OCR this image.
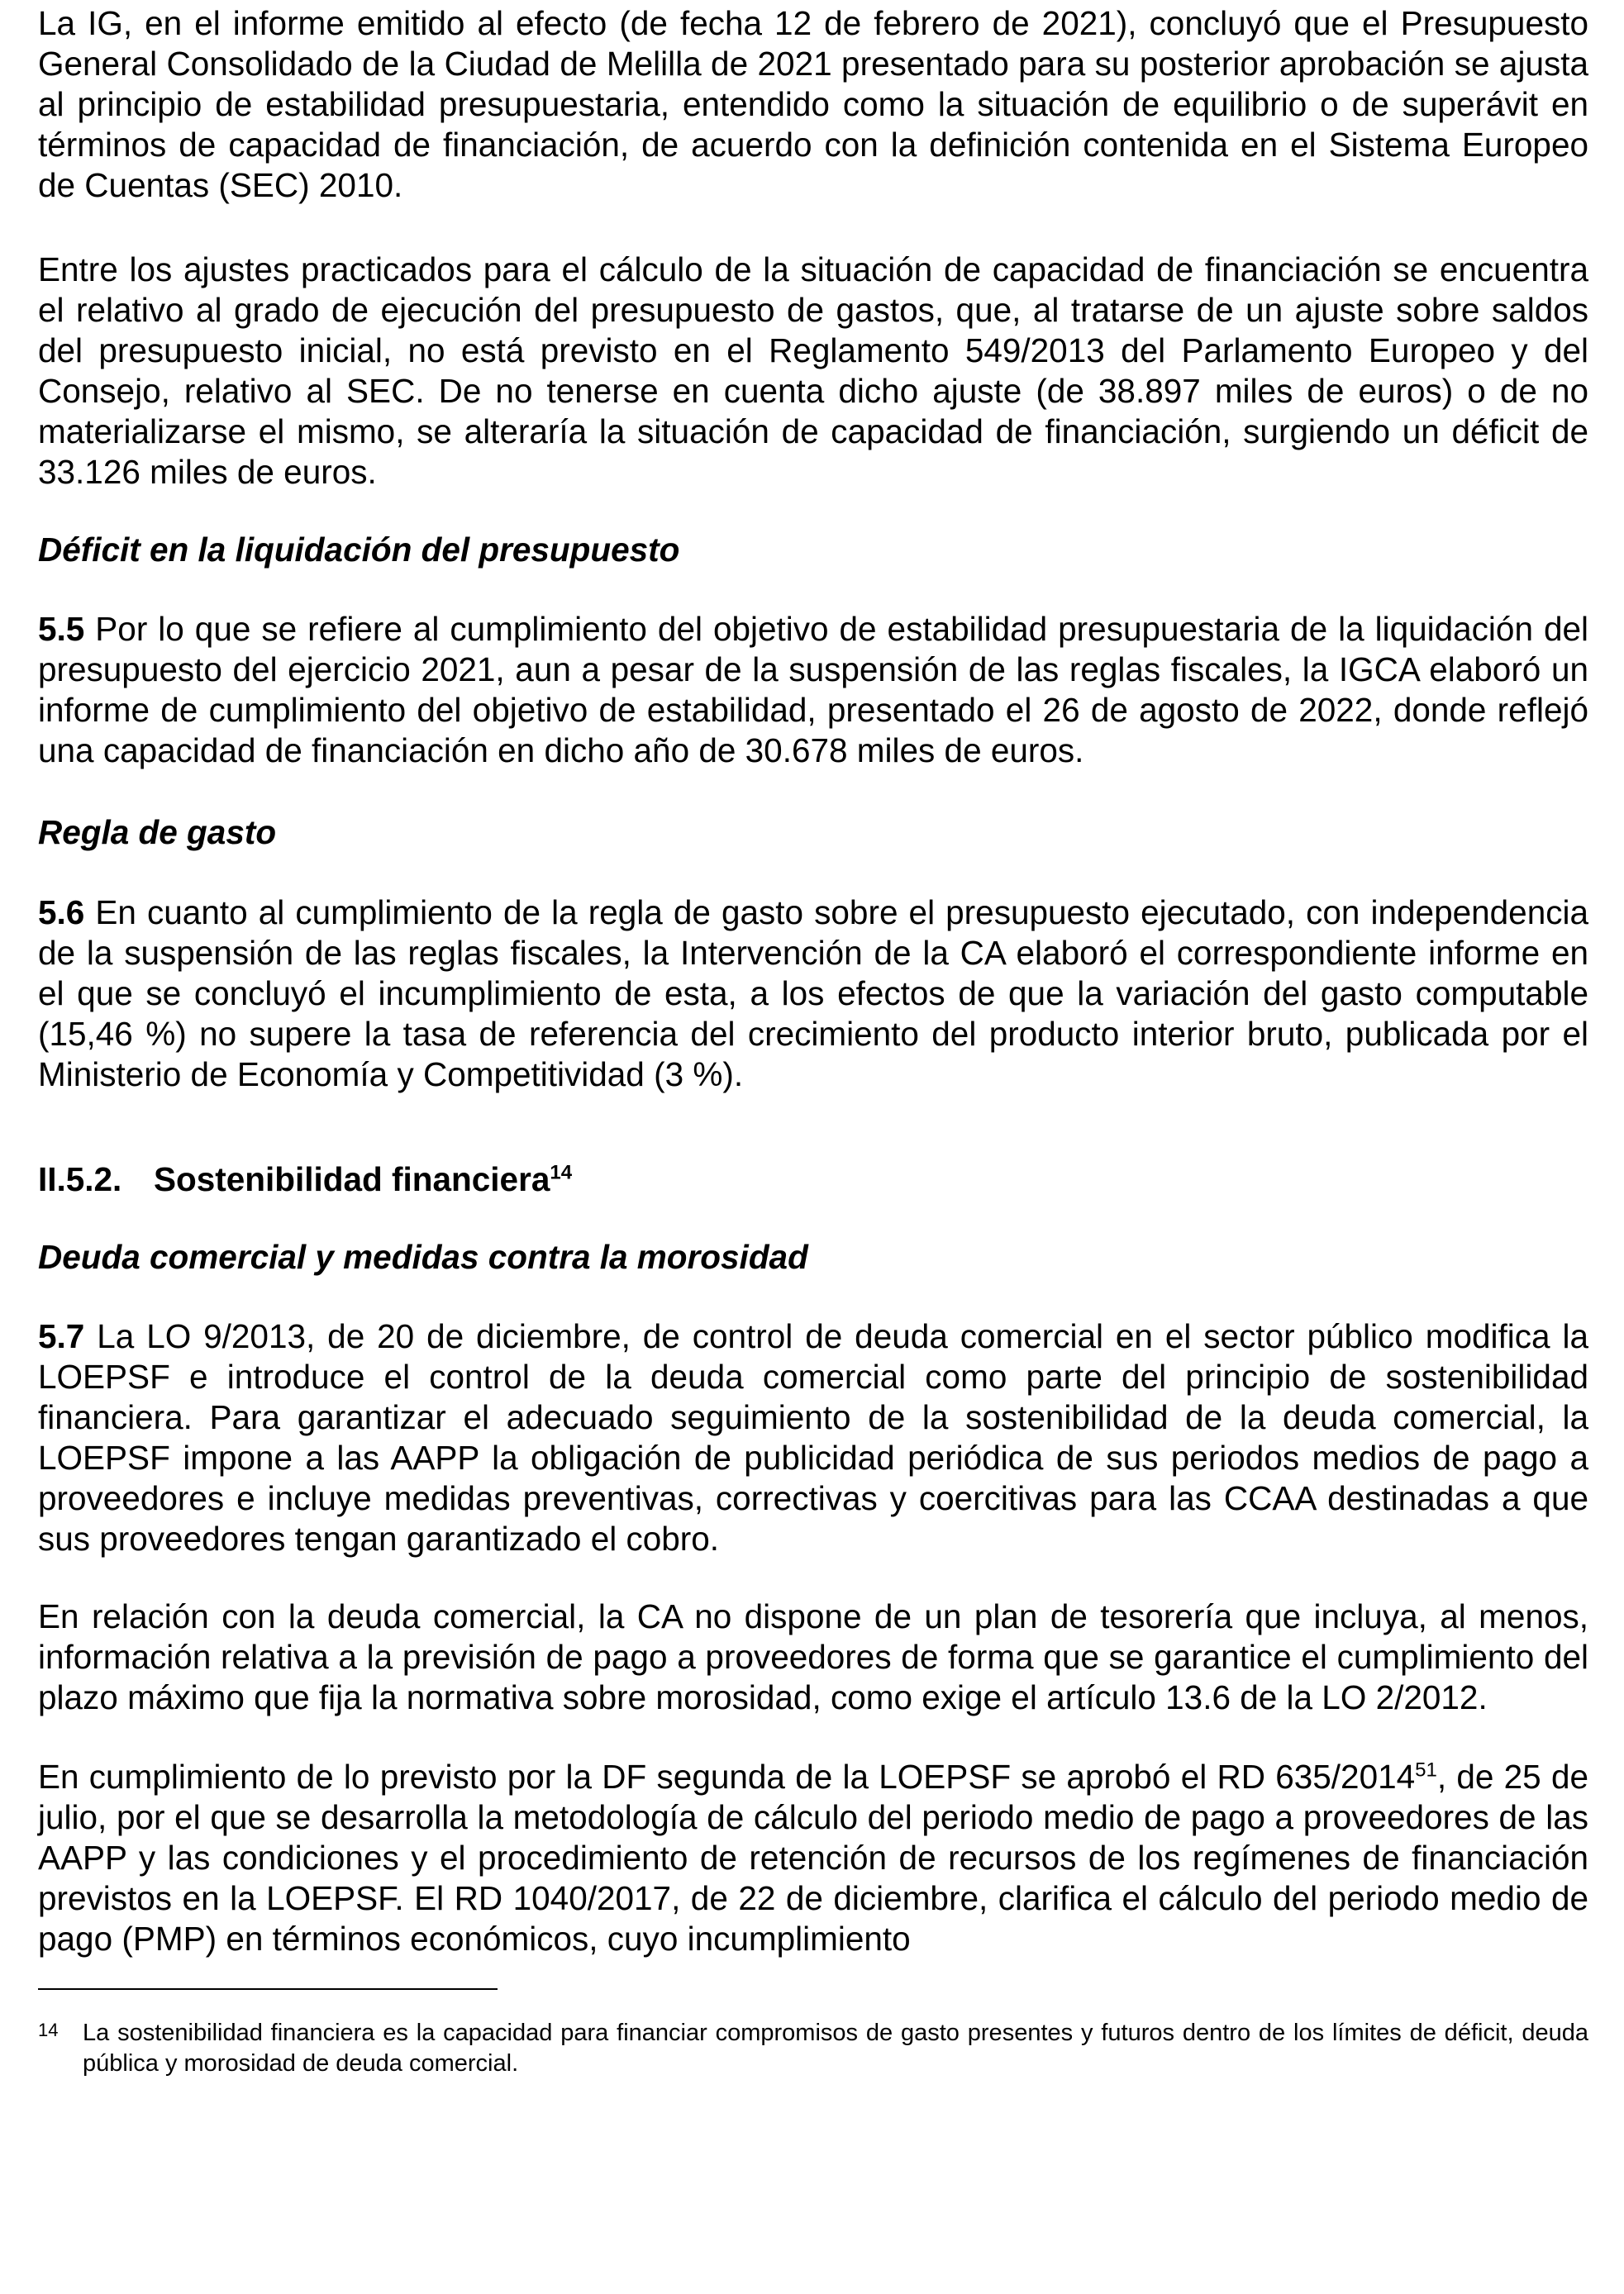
La IG, en el informe emitido al efecto (de fecha 12 de febrero de 2021), concluyó que el Presupuesto General Consolidado de la Ciudad de Melilla de 2021 presentado para su posterior aprobación se ajusta al principio de estabilidad presupuestaria, entendido como la situación de equilibrio o de superávit en términos de capacidad de financiación, de acuerdo con la definición contenida en el Sistema Europeo de Cuentas (SEC) 2010.

Entre los ajustes practicados para el cálculo de la situación de capacidad de financiación se encuentra el relativo al grado de ejecución del presupuesto de gastos, que, al tratarse de un ajuste sobre saldos del presupuesto inicial, no está previsto en el Reglamento 549/2013 del Parlamento Europeo y del Consejo, relativo al SEC. De no tenerse en cuenta dicho ajuste (de 38.897 miles de euros) o de no materializarse el mismo, se alteraría la situación de capacidad de financiación, surgiendo un déficit de 33.126 miles de euros.

Déficit en la liquidación del presupuesto

5.5 Por lo que se refiere al cumplimiento del objetivo de estabilidad presupuestaria de la liquidación del presupuesto del ejercicio 2021, aun a pesar de la suspensión de las reglas fiscales, la IGCA elaboró un informe de cumplimiento del objetivo de estabilidad, presentado el 26 de agosto de 2022, donde reflejó una capacidad de financiación en dicho año de 30.678 miles de euros.

Regla de gasto

5.6 En cuanto al cumplimiento de la regla de gasto sobre el presupuesto ejecutado, con independencia de la suspensión de las reglas fiscales, la Intervención de la CA elaboró el correspondiente informe en el que se concluyó el incumplimiento de esta, a los efectos de que la variación del gasto computable (15,46 %) no supere la tasa de referencia del crecimiento del producto interior bruto, publicada por el Ministerio de Economía y Competitividad (3 %).

II.5.2. Sostenibilidad financiera$^{14}$

Deuda comercial y medidas contra la morosidad

5.7 La LO 9/2013, de 20 de diciembre, de control de deuda comercial en el sector público modifica la LOEPSF e introduce el control de la deuda comercial como parte del principio de sostenibilidad financiera. Para garantizar el adecuado seguimiento de la sostenibilidad de la deuda comercial, la LOEPSF impone a las AAPP la obligación de publicidad periódica de sus periodos medios de pago a proveedores e incluye medidas preventivas, correctivas y coercitivas para las CCAA destinadas a que sus proveedores tengan garantizado el cobro.

En relación con la deuda comercial, la CA no dispone de un plan de tesorería que incluya, al menos, información relativa a la previsión de pago a proveedores de forma que se garantice el cumplimiento del plazo máximo que fija la normativa sobre morosidad, como exige el artículo 13.6 de la LO 2/2012.

En cumplimiento de lo previsto por la DF segunda de la LOEPSF se aprobó el RD 635/2014$^{51}$, de 25 de julio, por el que se desarrolla la metodología de cálculo del periodo medio de pago a proveedores de las AAPP y las condiciones y el procedimiento de retención de recursos de los regímenes de financiación previstos en la LOEPSF. El RD 1040/2017, de 22 de diciembre, clarifica el cálculo del periodo medio de pago (PMP) en términos económicos, cuyo incumplimiento

14 La sostenibilidad financiera es la capacidad para financiar compromisos de gasto presentes y futuros dentro de los límites de déficit, deuda pública y morosidad de deuda comercial.
